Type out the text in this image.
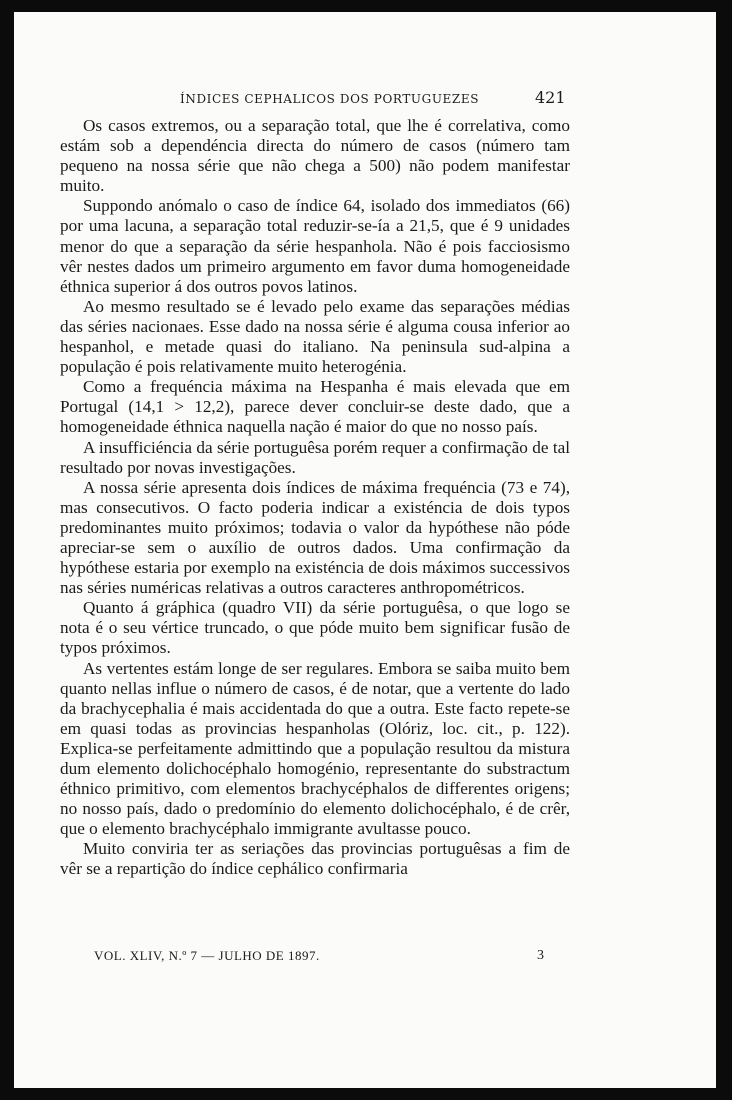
ÍNDICES CEPHALICOS DOS PORTUGUEZES	421

Os casos extremos, ou a separação total, que lhe é correlativa, como estám sob a dependéncia directa do número de casos (número tam pequeno na nossa série que não chega a 500) não podem manifestar muito.

Suppondo anómalo o caso de índice 64, isolado dos immediatos (66) por uma lacuna, a separação total reduzir-se-ía a 21,5, que é 9 unidades menor do que a separação da série hespanhola. Não é pois facciosismo vêr nestes dados um primeiro argumento em favor duma homogeneidade éthnica superior á dos outros povos latinos.

Ao mesmo resultado se é levado pelo exame das separações médias das séries nacionaes. Esse dado na nossa série é alguma cousa inferior ao hespanhol, e metade quasi do italiano. Na peninsula sud-alpina a população é pois relativamente muito heterogénia.

Como a frequéncia máxima na Hespanha é mais elevada que em Portugal (14,1 > 12,2), parece dever concluir-se deste dado, que a homogeneidade éthnica naquella nação é maior do que no nosso país.

A insufficiéncia da série portuguêsa porém requer a confirmação de tal resultado por novas investigações.

A nossa série apresenta dois índices de máxima frequéncia (73 e 74), mas consecutivos. O facto poderia indicar a existéncia de dois typos predominantes muito próximos; todavia o valor da hypóthese não póde apreciar-se sem o auxílio de outros dados. Uma confirmação da hypóthese estaria por exemplo na existéncia de dois máximos successivos nas séries numéricas relativas a outros caracteres anthropométricos.

Quanto á gráphica (quadro VII) da série portuguêsa, o que logo se nota é o seu vértice truncado, o que póde muito bem significar fusão de typos próximos.

As vertentes estám longe de ser regulares. Embora se saiba muito bem quanto nellas influe o número de casos, é de notar, que a vertente do lado da brachycephalia é mais accidentada do que a outra. Este facto repete-se em quasi todas as provincias hespanholas (Olóriz, loc. cit., p. 122). Explica-se perfeitamente admittindo que a população resultou da mistura dum elemento dolichocéphalo homogénio, representante do substractum éthnico primitivo, com elementos brachycéphalos de differentes origens; no nosso país, dado o predomínio do elemento dolichocéphalo, é de crêr, que o elemento brachycéphalo immigrante avultasse pouco.

Muito conviria ter as seriações das provincias portuguêsas a fim de vêr se a repartição do índice cephálico confirmaria

VOL. XLIV, N.º 7 — JULHO DE 1897.	3
